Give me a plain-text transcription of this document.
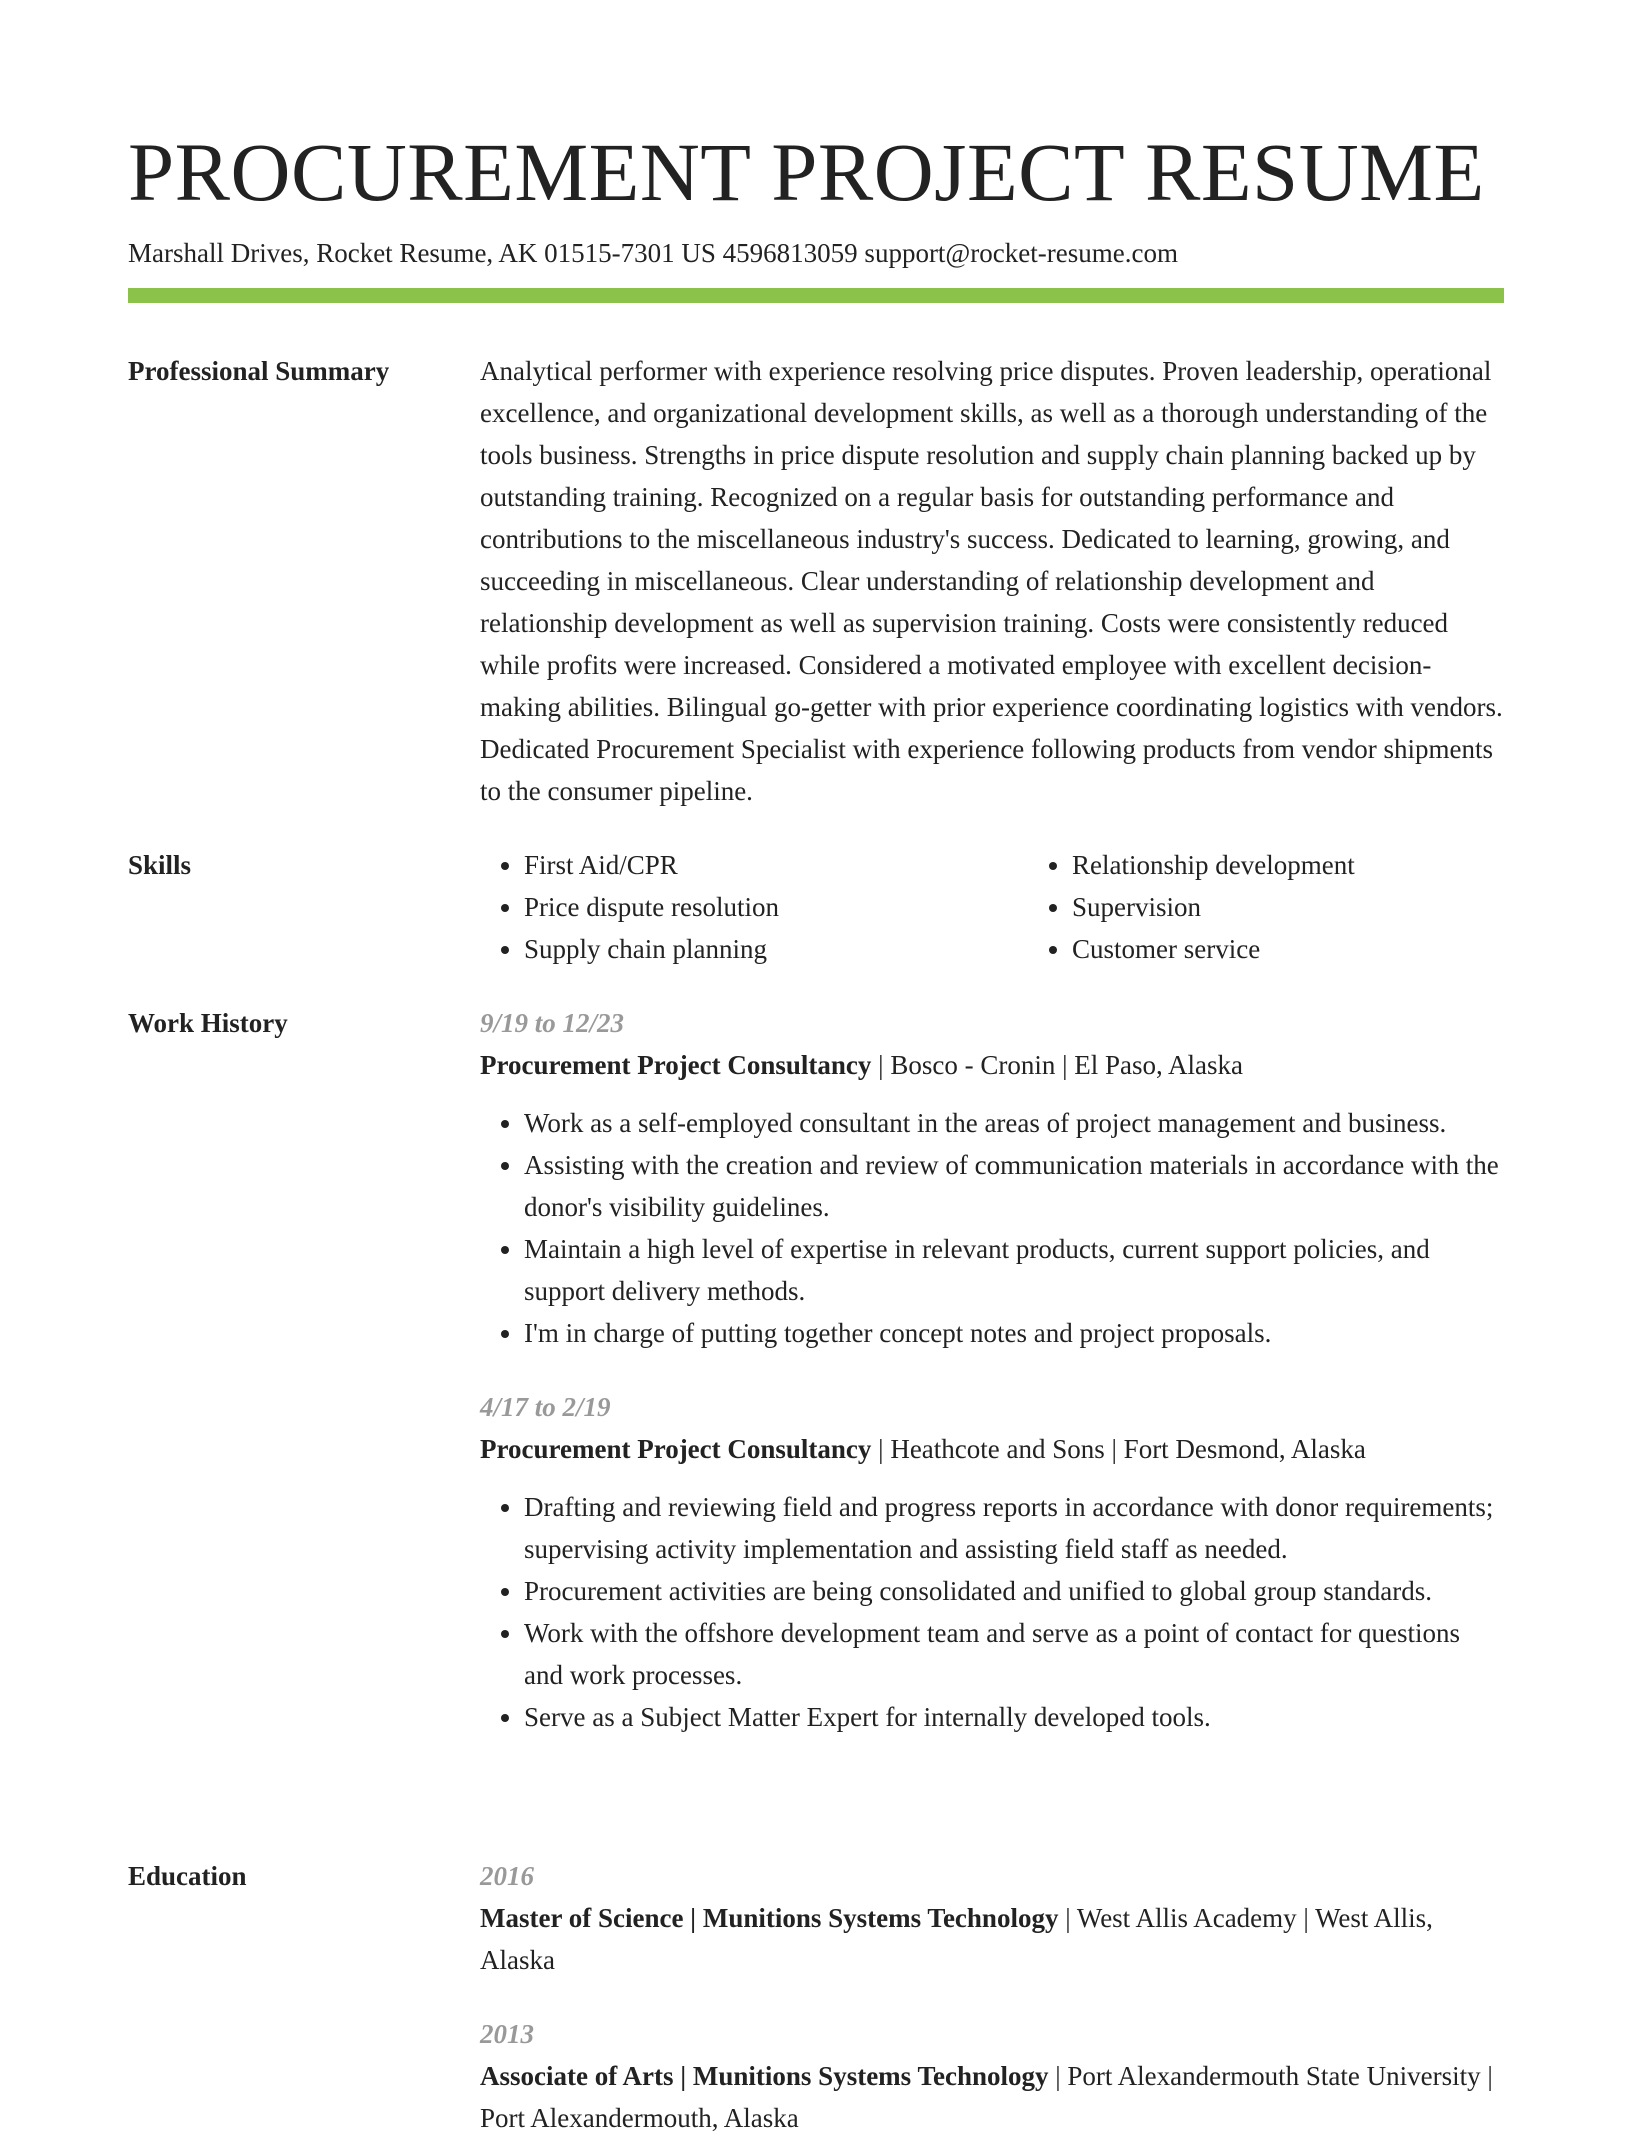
PROCUREMENT PROJECT RESUME
Marshall Drives, Rocket Resume, AK 01515-7301 US 4596813059 support@rocket-resume.com
Professional Summary	Analytical performer with experience resolving price disputes. Proven leadership, operational excellence, and organizational development skills, as well as a thorough understanding of the tools business. Strengths in price dispute resolution and supply chain planning backed up by outstanding training. Recognized on a regular basis for outstanding performance and contributions to the miscellaneous industry's success. Dedicated to learning, growing, and succeeding in miscellaneous. Clear understanding of relationship development and relationship development as well as supervision training. Costs were consistently reduced while profits were increased. Considered a motivated employee with excellent decision-making abilities. Bilingual go-getter with prior experience coordinating logistics with vendors. Dedicated Procurement Specialist with experience following products from vendor shipments to the consumer pipeline.
Skills
•	First Aid/CPR
• Price dispute resolution
• Supply chain planning
• Relationship development
• Supervision
• Customer service
Work History	9/19 to 12/23
Procurement Project Consultancy | Bosco - Cronin | El Paso, Alaska
• Work as a self-employed consultant in the areas of project management and business.
• Assisting with the creation and review of communication materials in accordance with the donor's visibility guidelines.
• Maintain a high level of expertise in relevant products, current support policies, and support delivery methods.
• I'm in charge of putting together concept notes and project proposals.
4/17 to 2/19
Procurement Project Consultancy | Heathcote and Sons | Fort Desmond, Alaska
• Drafting and reviewing field and progress reports in accordance with donor requirements; supervising activity implementation and assisting field staff as needed.
• Procurement activities are being consolidated and unified to global group standards.
• Work with the offshore development team and serve as a point of contact for questions and work processes.
• Serve as a Subject Matter Expert for internally developed tools.
Education	2016
Master of Science | Munitions Systems Technology | West Allis Academy | West Allis, Alaska
2013
Associate of Arts | Munitions Systems Technology | Port Alexandermouth State University | Port Alexandermouth, Alaska
